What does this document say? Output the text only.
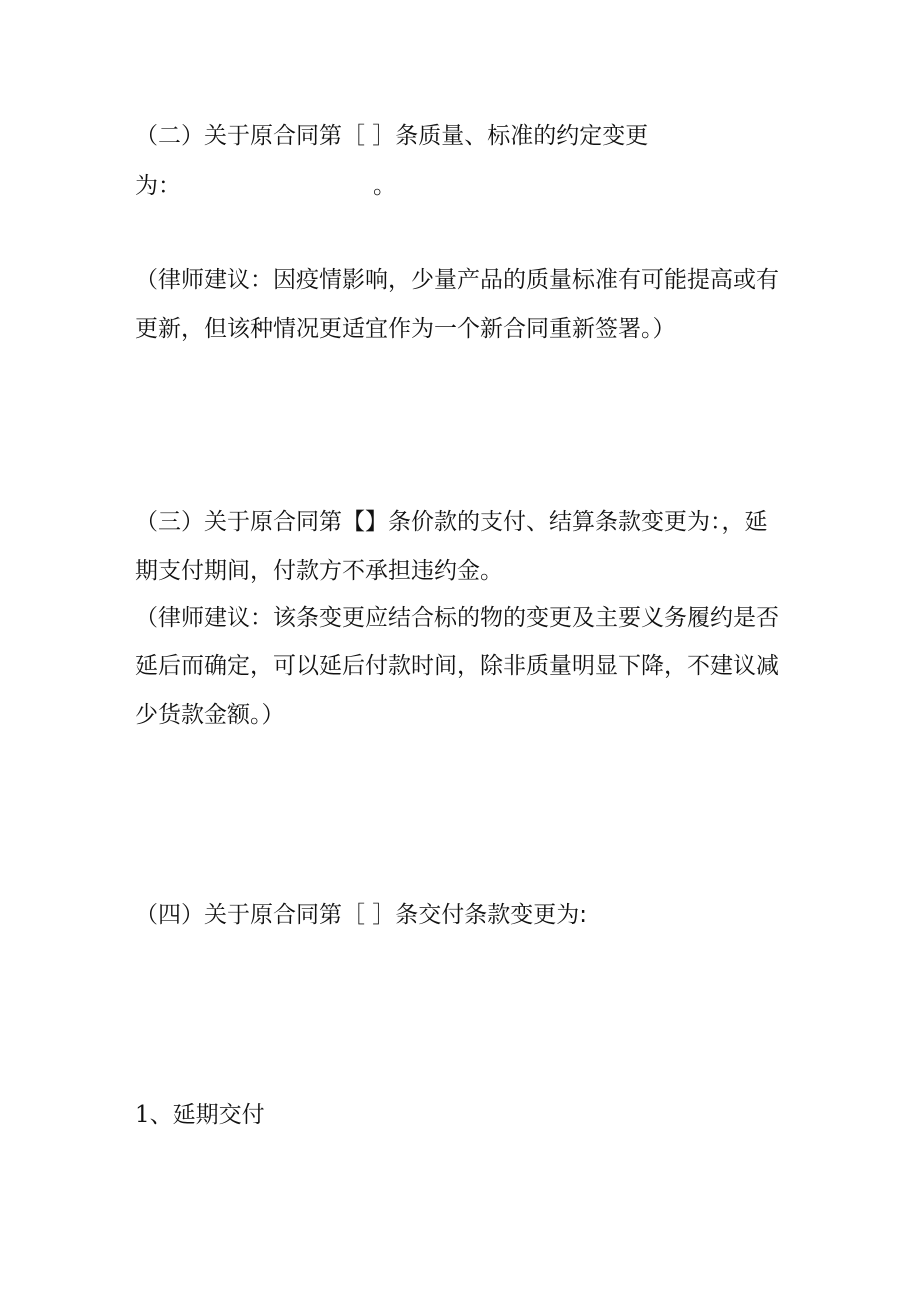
（二）关于原合同第［ ］条质量、标准的约定变更
为：	。
（律师建议：因疫情影响，少量产品的质量标准有可能提高或有
更新，但该种情况更适宜作为一个新合同重新签署。）
（三）关于原合同第【】条价款的支付、结算条款变更为：，延
期支付期间，付款方不承担违约金。
（律师建议：该条变更应结合标的物的变更及主要义务履约是否
延后而确定，可以延后付款时间，除非质量明显下降，不建议减
少货款金额。）
（四）关于原合同第［ ］条交付条款变更为:
1、延期交付
